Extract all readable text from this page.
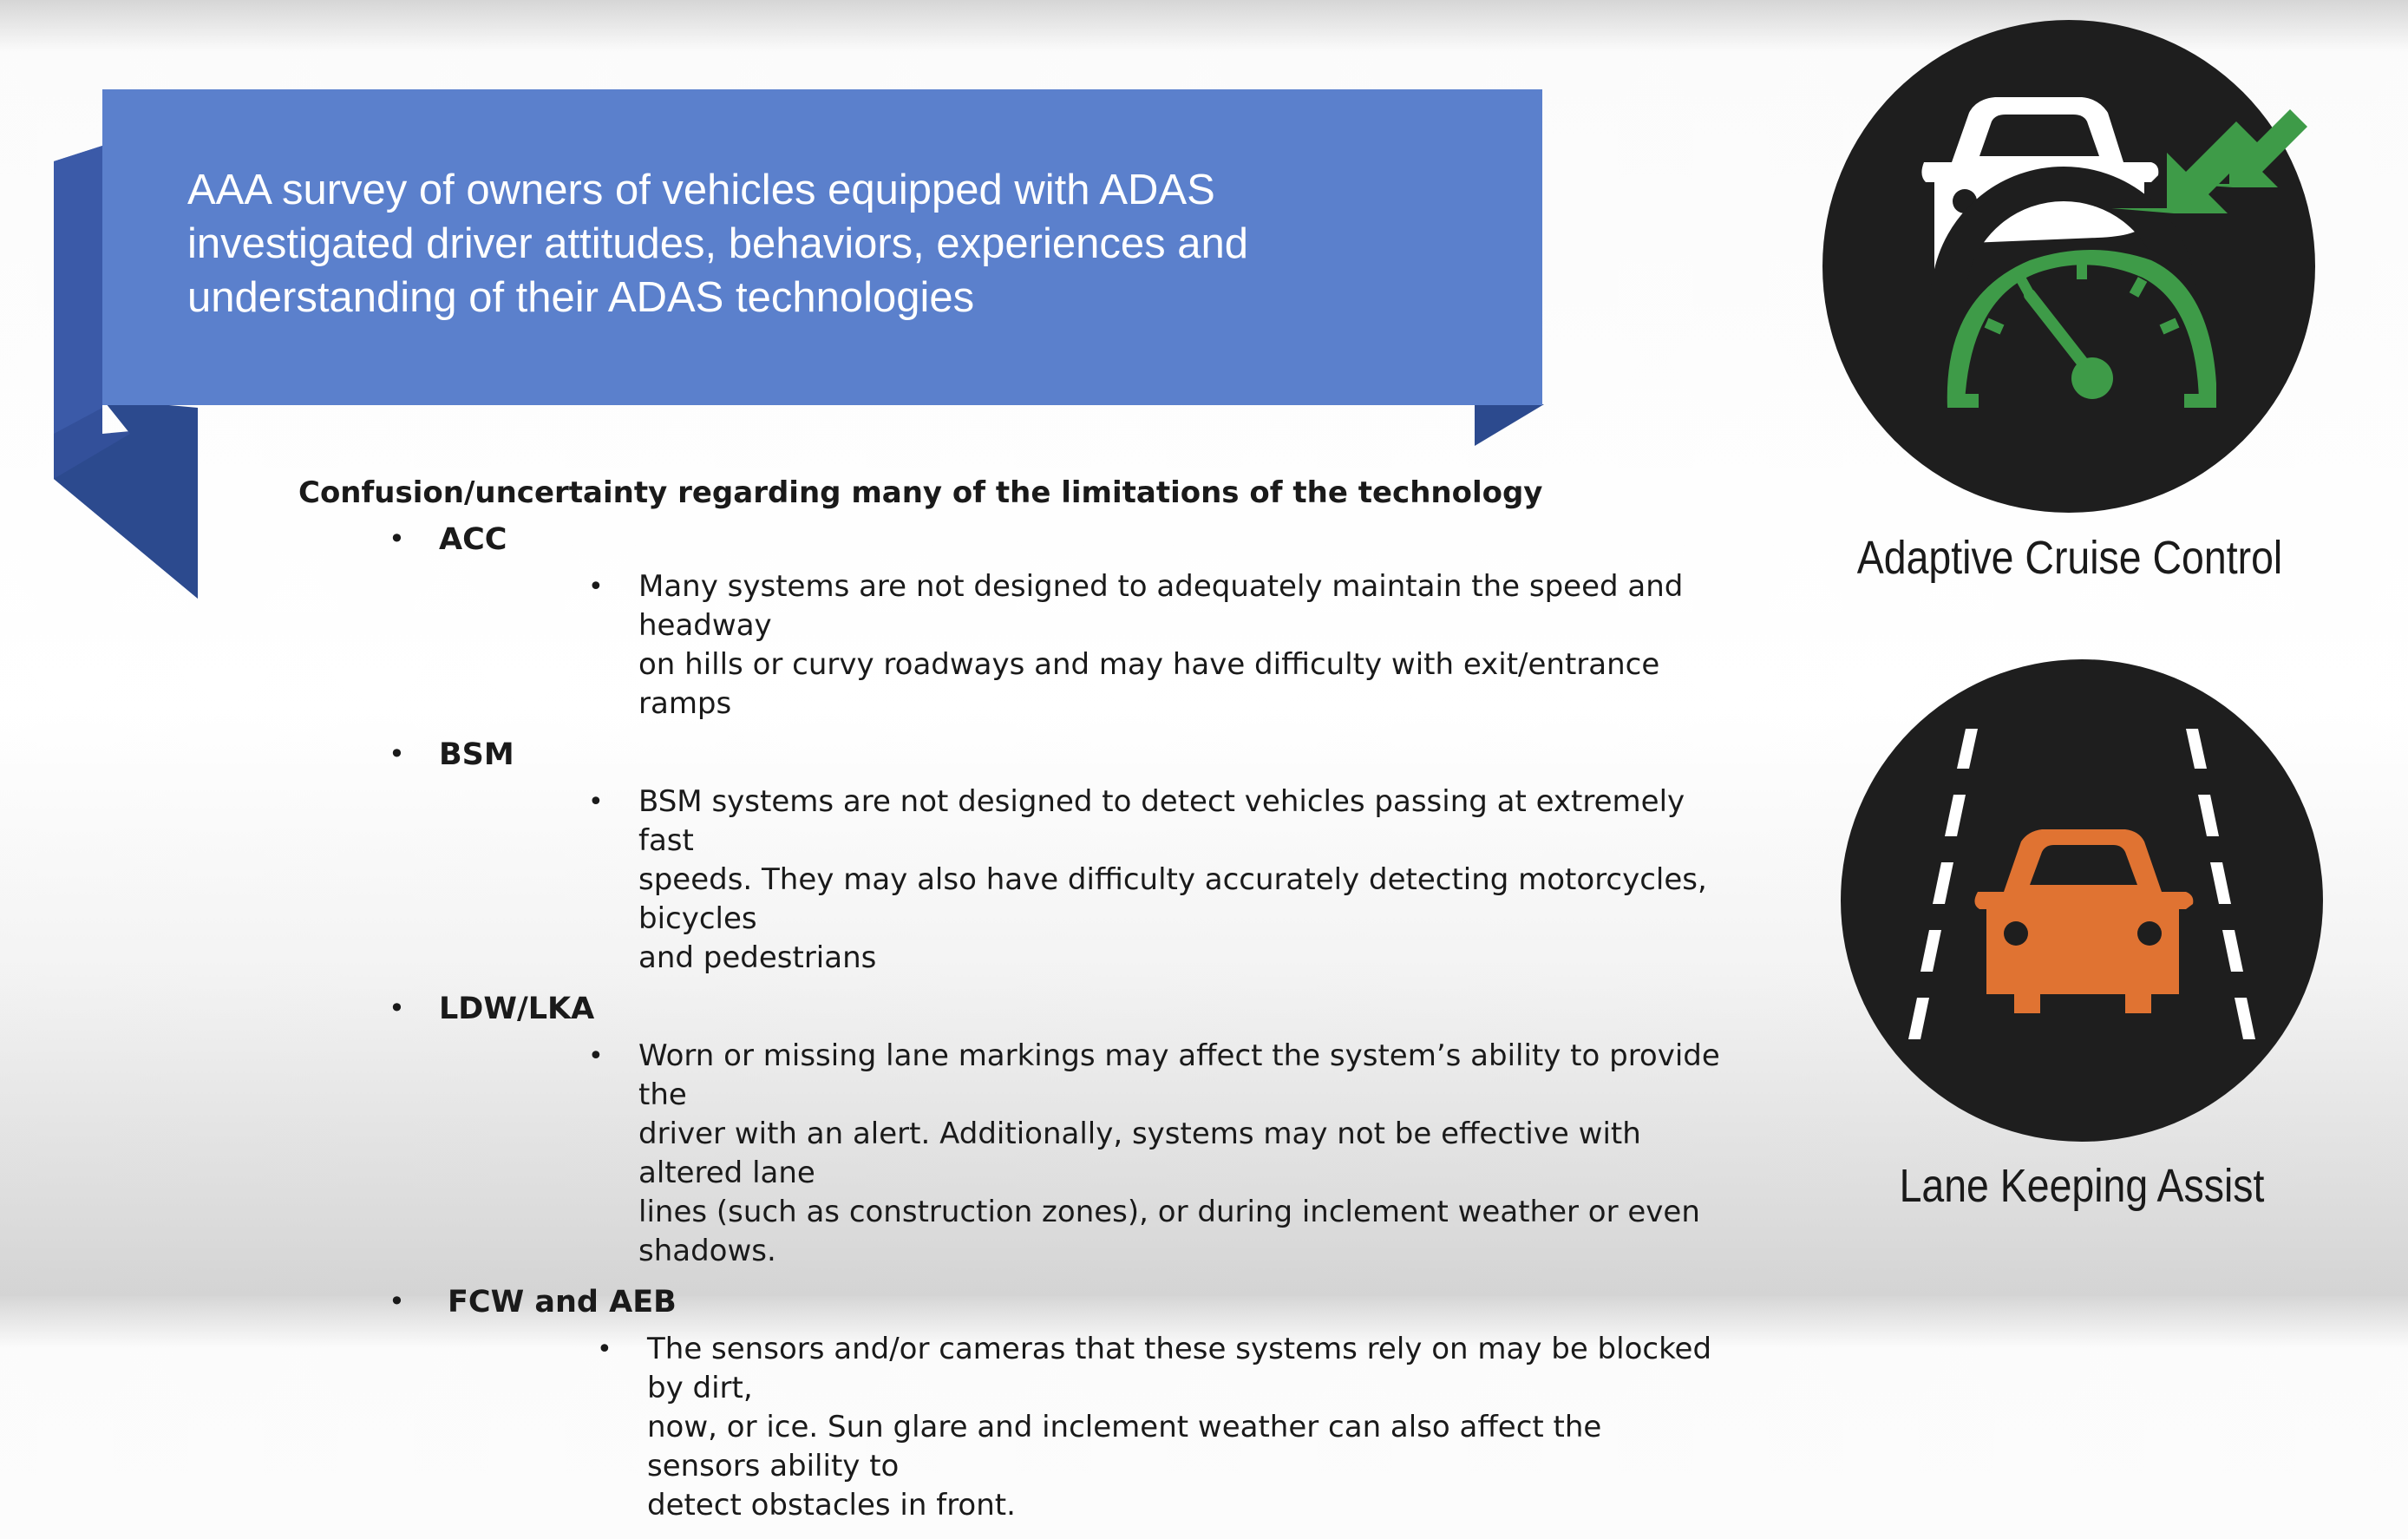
AAA survey of owners of vehicles equipped with ADAS
investigated driver attitudes, behaviors, experiences and
understanding of their ADAS technologies
Confusion/uncertainty regarding many of the limitations of the technology
• ACC
• Many systems are not designed to adequately maintain the speed and headway
on hills or curvy roadways and may have difficulty with exit/entrance ramps
• BSM
• BSM systems are not designed to detect vehicles passing at extremely fast
speeds. They may also have difficulty accurately detecting motorcycles, bicycles
and pedestrians
• LDW/LKA
• Worn or missing lane markings may affect the system’s ability to provide the
driver with an alert. Additionally, systems may not be effective with altered lane
lines (such as construction zones), or during inclement weather or even shadows.
• FCW and AEB
• The sensors and/or cameras that these systems rely on may be blocked by dirt,
now, or ice. Sun glare and inclement weather can also affect the sensors ability to
detect obstacles in front.
Adaptive Cruise Control
Lane Keeping Assist
